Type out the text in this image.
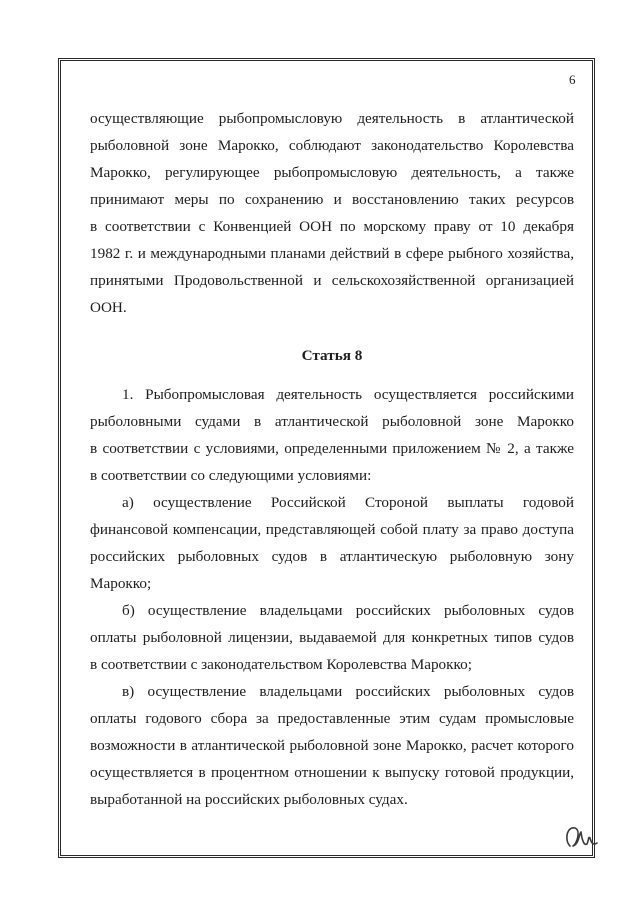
6
осуществляющие рыбопромысловую деятельность в атлантической
рыболовной зоне Марокко, соблюдают законодательство Королевства
Марокко, регулирующее рыбопромысловую деятельность, а также
принимают меры по сохранению и восстановлению таких ресурсов
в соответствии с Конвенцией ООН по морскому праву от 10 декабря
1982 г. и международными планами действий в сфере рыбного хозяйства,
принятыми Продовольственной и сельскохозяйственной организацией
ООН.
Статья 8
1. Рыбопромысловая деятельность осуществляется российскими
рыболовными судами в атлантической рыболовной зоне Марокко
в соответствии с условиями, определенными приложением № 2, а также
в соответствии со следующими условиями:
а) осуществление Российской Стороной выплаты годовой
финансовой компенсации, представляющей собой плату за право доступа
российских рыболовных судов в атлантическую рыболовную зону
Марокко;
б) осуществление владельцами российских рыболовных судов
оплаты рыболовной лицензии, выдаваемой для конкретных типов судов
в соответствии с законодательством Королевства Марокко;
в) осуществление владельцами российских рыболовных судов
оплаты годового сбора за предоставленные этим судам промысловые
возможности в атлантической рыболовной зоне Марокко, расчет которого
осуществляется в процентном отношении к выпуску готовой продукции,
выработанной на российских рыболовных судах.
